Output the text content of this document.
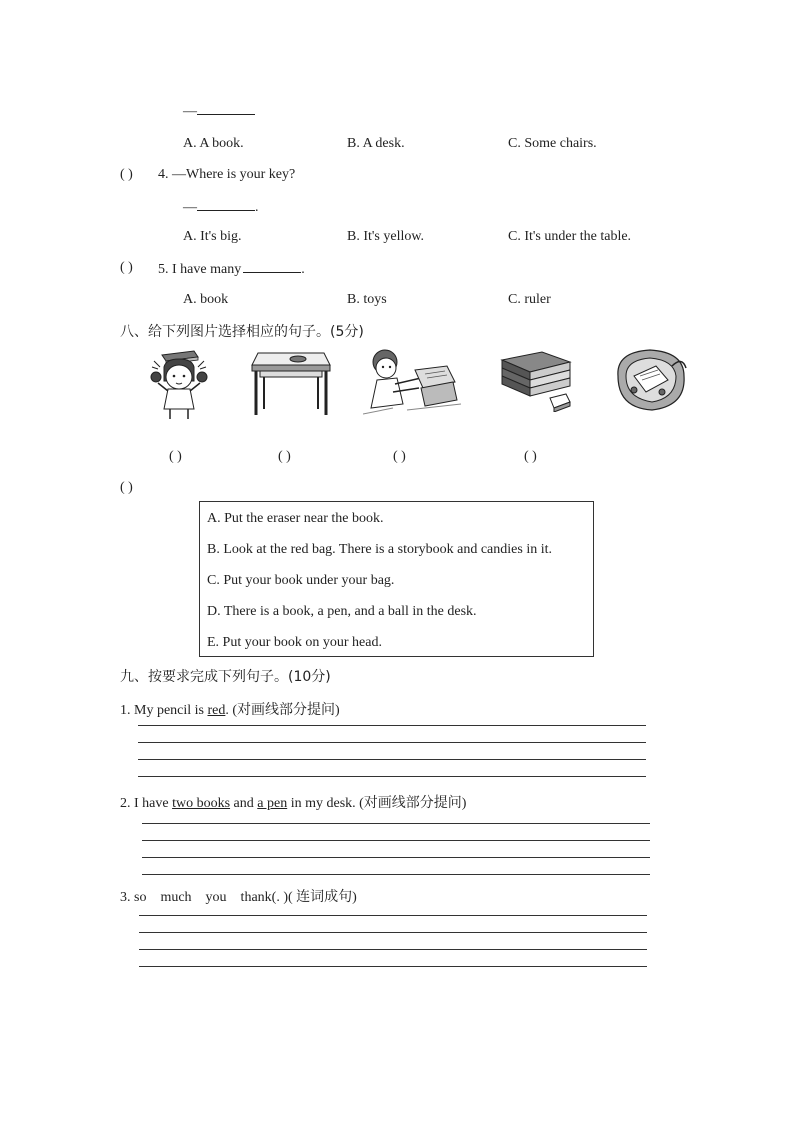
—
A. A book.	B. A desk.	C. Some chairs.
( ) 4. —Where is your key?
—	.
A. It's big.	B. It's yellow.	C. It's under the table.
( ) 5. I have many	.
A. book	B. toys	C. ruler
八、给下列图片选择相应的句子。(5分)
( )	( )	( )	( )
( )
A. Put the eraser near the book.
B. Look at the red bag. There is a storybook and candies in it.
C. Put your book under your bag.
D. There is a book, a pen, and a ball in the desk.
E. Put your book on your head.
九、按要求完成下列句子。(10分)
1. My pencil is red. (对画线部分提问)
2. I have two books and a pen in my desk. (对画线部分提问)
3. so    much    you    thank(. )( 连词成句)
